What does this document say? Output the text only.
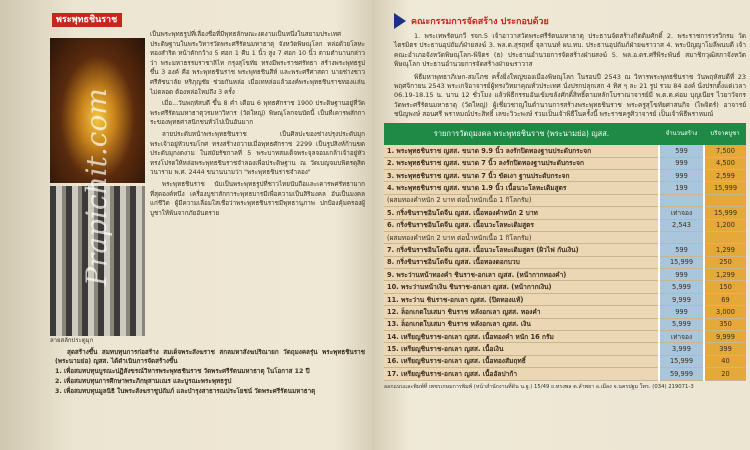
พระพุทธชินราช
ลายสลักประตูมุก
เป็นพระพุทธรูปที่เลื่องชื่อที่มีพุทธลักษณะงดงามเป็นหนึ่งในสยามประเทศ ประดิษฐานในพระวิหารวัดพระศรีรัตนมหาธาตุ จังหวัดพิษณุโลก หล่อด้วยโลหะทองสำริด หน้าตักกว้าง 5 ศอก 1 คืบ 1 นิ้ว สูง 7 ศอก 10 นิ้ว ตามตำนานกล่าวว่า พระมหาธรรมราชาลิไท กรุงสุโขทัย ทรงมีพระราชศรัทธา สร้างพระพุทธรูปขึ้น 3 องค์ คือ พระพุทธชินราช พระพุทธชินสีห์ และพระศรีศาสดา นายช่างชาวศรีสัชนาลัย หริภุญชัย ช่วยกันหล่อ เมื่อเทหล่อแล้วองค์พระพุทธชินราชทองแล่นไม่ตลอด ต้องหล่อใหม่ถึง 3 ครั้ง
เมื่อ...วันพฤหัสบดี ขึ้น 8 ค่ำ เดือน 6 พุทธศักราช 1900 ประดิษฐานอยู่ที่วัดพระศรีรัตนมหาธาตุวรมหาวิหาร (วัดใหญ่) พิษณุโลกจนบัดนี้ เป็นที่เคารพสักการะของพุทธศาสนิกชนทั่วไปเป็นอันมาก
ลายประดับหน้าพระพุทธชินราช เป็นศิลปะของช่างปรุงประดับมุก พระเจ้าอยู่หัวบรมโกศ ทรงสร้างถวายเมื่อพุทธศักราช 2299 เป็นรูปสิงห์ก้านขด ประดับมุกงดงาม ในสมัยรัชกาลที่ 5 พระบาทสมเด็จพระจุลจอมเกล้าเจ้าอยู่หัว ทรงโปรดให้หล่อพระพุทธชินราชจำลองเพื่อประดิษฐาน ณ วัดเบญจมบพิตรดุสิตวนาราม พ.ศ. 2444 ขนานนามว่า "พระพุทธชินราชจำลอง"
พระพุทธชินราช นับเป็นพระพุทธรูปที่ชาวไทยนับถือและเคารพศรัทธามากที่สุดองค์หนึ่ง เครื่องบูชาสักการะพุทธบารมีเพื่อความเป็นสิริมงคล อันเป็นมงคลแก่ชีวิต ผู้มีความเลื่อมใสเชื่อว่าพระพุทธชินราชมีพุทธานุภาพ ปกป้องคุ้มครองผู้บูชาให้พ้นจากภัยอันตราย
สุดสร้างขึ้น สมทบทุนการก่อสร้าง สมเด็จพระสังฆราช สกลมหาสังฆปริณายก วัตถุมงคลรุ่น พระพุทธชินราช (พระนามย่อ) ญสส. ได้ดำเนินการจัดสร้างขึ้น
1. เพื่อสมทบทุนบูรณะปฏิสังขรณ์วิหารพระพุทธชินราช วัดพระศรีรัตนมหาธาตุ ในโอกาส 12 ปี
2. เพื่อสมทบทุนการศึกษาพระภิกษุสามเณร และบูรณะพระพุทธรูป
3. เพื่อสมทบทุนมูลนิธิ ในพระสังฆราชูปถัมภ์ และบำรุงสาธารณประโยชน์ วัดพระศรีรัตนมหาธาตุ
Prapichit.com
คณะกรรมการจัดสร้าง ประกอบด้วย
1. พระเทพรัตนกวี รจก.5 เจ้าอาวาสวัดพระศรีรัตนมหาธาตุ ประธานจัดสร้างกิตติมศักดิ์ 2. พระราชการวรวิกรม วัดไตรมิตร ประธานอุปถัมภ์ฝ่ายสงฆ์ 3. พล.ต.สุรฤทธิ์ จุลานนท์ ผบ.ทบ. ประธานอุปถัมภ์ฝ่ายฆราวาส 4. พระปัญญาโมลีพนบดี เจ้าคณะอำเภอจังหวัดพิษณุโลก-พิจิตร (ธ) ประธานอำนวยการจัดสร้างฝ่ายสงฆ์ 5. พล.อ.ดร.ศรีพิระพันธ์ สมาชิกวุฒิสภาจังหวัดพิษณุโลก ประธานอำนวยการจัดสร้างฝ่ายฆราวาส
พิธีมหาพุทธาภิเษก-สมโภช ครั้งยิ่งใหญ่ของเมืองพิษณุโลก ในรอบปี 2543 ณ วิหารพระพุทธชินราช วันพฤหัสบดีที่ 23 พฤศจิกายน 2543 พระเกจิอาจารย์ผู้ทรงวิทยาคุณทั่วประเทศ นั่งปรกปลุกเสก 4 ทิศ ๆ ละ 21 รูป รวม 84 องค์ นั่งปรกตั้งแต่เวลา 06.19-18.15 น. นาน 12 ชั่วโมง แล้วพิธีกรรมอันเข้มขลังศักดิ์สิทธิ์ตามหลักโบราณาจารย์มี พ.ต.ต.ค่อม บุญเนียร ไวยาวัจกรวัดพระศรีรัตนมหาธาตุ (วัดใหญ่) ผู้เชี่ยวชาญในตำนานการสร้างพระพุทธชินราช พระครูสุโขทัยศาสนกิจ (ไพจิตร์) อาจารย์ชนิญพงษ์ สอนศรี พราหมณ์ประสิทธิ์ เลขะวิวะพงษ์ ร่วมเป็นเจ้าพิธีในครั้งนี้ พระราชครูศิวาจารย์ เป็นเจ้าพิธีพราหมณ์
รายการวัตถุมงคล พระพุทธชินราช (พระนามย่อ) ญสส.	จำนวนสร้าง	บริจาคบูชา
1. พระพุทธชินราช ญสส. ขนาด 9.9 นิ้ว ลงรักปิดทองฐานประดับกระจก	599	7,500
2. พระพุทธชินราช ญสส. ขนาด 7 นิ้ว ลงรักปิดทองฐานประดับกระจก	999	4,500
3. พระพุทธชินราช ญสส. ขนาด 7 นิ้ว ขัดเงา ฐานประดับกระจก	999	2,599
4. พระพุทธชินราช ญสส. ขนาด 1.9 นิ้ว เนื้อนวะโลหะเดิมสูตร	199	15,999
(ผสมทองคำหนัก 2 บาท ต่อน้ำหนักเนื้อ 1 กิโลกรัม)		
5. กริ่งชินราชอินโดจีน ญสส. เนื้อทองคำหนัก 2 บาท	เท่าจอง	15,999
6. กริ่งชินราชอินโดจีน ญสส. เนื้อนวะโลหะเดิมสูตร	2,543	1,200
(ผสมทองคำหนัก 2 บาท ต่อน้ำหนักเนื้อ 1 กิโลกรัม)		
7. กริ่งชินราชอินโดจีน ญสส. เนื้อนวะโลหะเดิมสูตร (ผิวไฟ กันเงิน)	599	1,299
8. กริ่งชินราชอินโดจีน ญสส. เนื้อทองดอกบวบ	15,999	250
9. พระว่านหน้าทองคำ ชินราช-อกเลา ญสส. (หน้ากากทองคำ)	999	1,299
10. พระว่านหน้าเงิน ชินราช-อกเลา ญสส. (หน้ากากเงิน)	5,999	150
11. พระว่าน ชินราช-อกเลา ญสส. (ปิดทองแท้)	9,999	69
12. ล็อกเกตใบเสมา ชินราช หลังอกเลา ญสส. ทองคำ	999	3,000
13. ล็อกเกตใบเสมา ชินราช หลังอกเลา ญสส. เงิน	5,999	350
14. เหรียญชินราช-อกเลา ญสส. เนื้อทองคำ หนัก 16 กรัม	เท่าจอง	9,999
15. เหรียญชินราช-อกเลา ญสส. เนื้อเงิน	3,999	399
16. เหรียญชินราช-อกเลา ญสส. เนื้อทองสัมฤทธิ์	15,999	40
17. เหรียญชินราช-อกเลา ญสส. เนื้ออัลปาก้า	59,999	20
ออกแบบและพิมพ์ที่ เพชรเกษมการพิมพ์ (หน้าสำนักงานที่ดิน น.ฐ.) 15/49 ถ.ทรงพล ต.ลำพยา อ.เมือง จ.นครปฐม โทร. (034) 219071-3
